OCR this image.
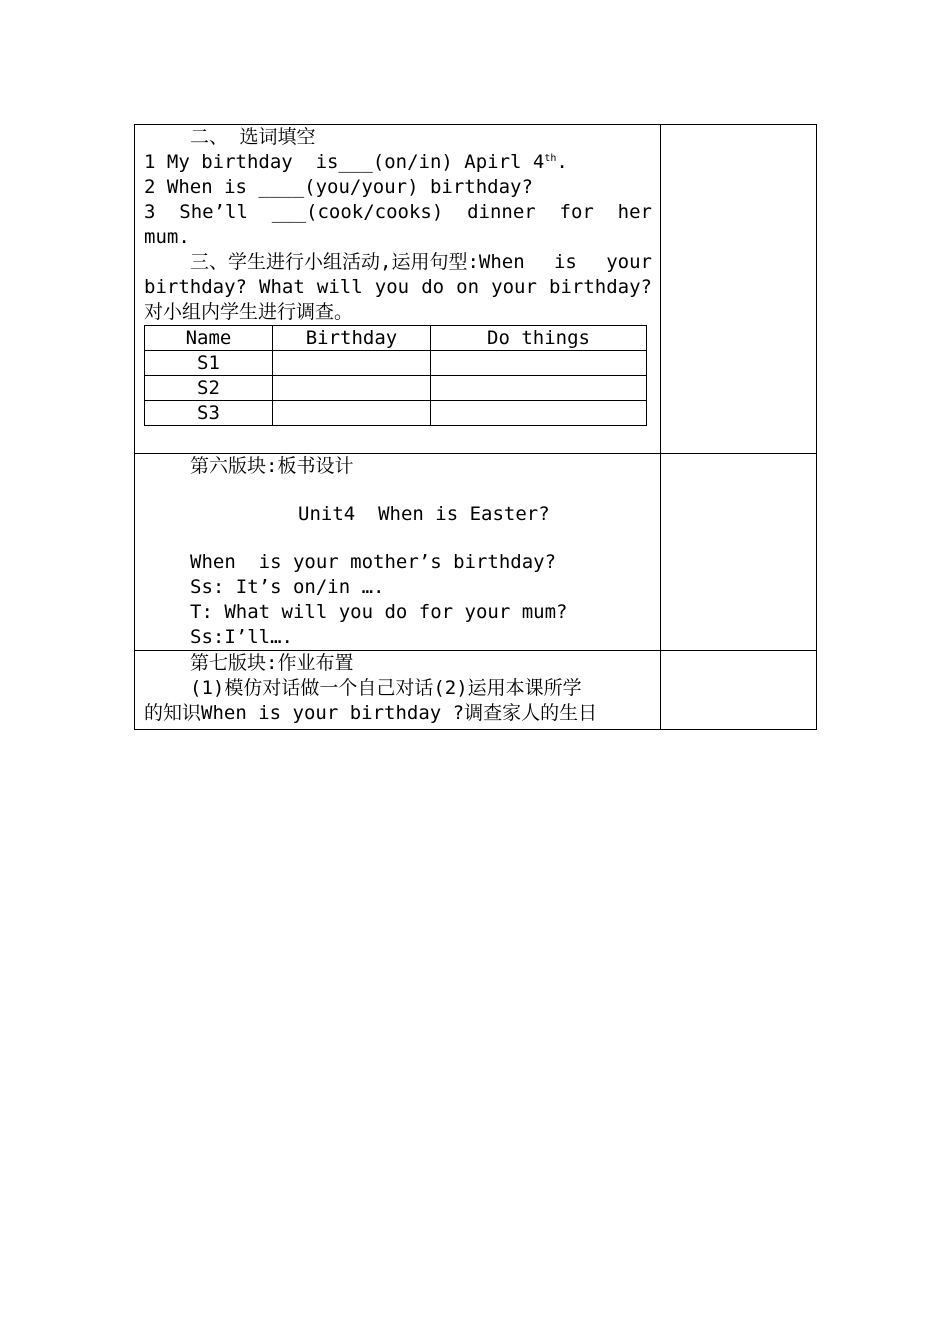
二、 选词填空
1 My birthday  is___(on/in) Apirl 4th.
2 When is ____(you/your) birthday?
3 She’ll ___(cook/cooks) dinner for her
mum.
三、学生进行小组活动,运用句型:When is your
birthday? What will you do on your birthday?
对小组内学生进行调查。
Name	Birthday	Do things
S1		
S2		
S3		

第六版块:板书设计
Unit4  When is Easter?
When  is your mother’s birthday?
Ss: It’s on/in ….
T: What will you do for your mum?
Ss:I’ll….

第七版块:作业布置
(1)模仿对话做一个自己对话(2)运用本课所学
的知识When is your birthday ?调查家人的生日
